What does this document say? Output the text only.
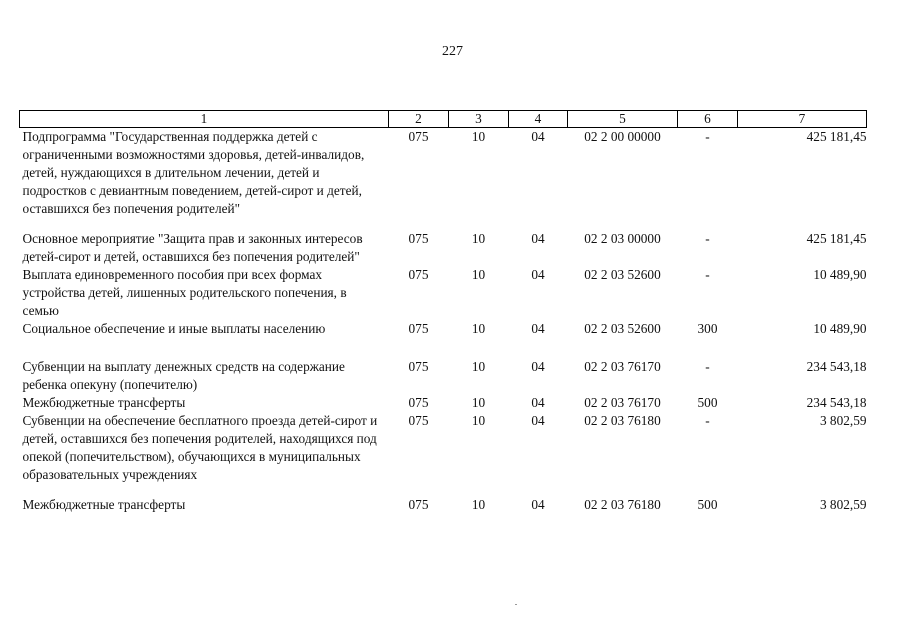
227
1	2	3	4	5	6	7
Подпрограмма "Государственная поддержка детей с ограниченными возможностями здоровья, детей-инвалидов, детей, нуждающихся в длительном лечении, детей и подростков с девиантным поведением, детей-сирот и детей, оставшихся без попечения родителей"	075	10	04	02 2 00 00000	-	425 181,45
Основное мероприятие "Защита прав и законных интересов детей-сирот и детей, оставшихся без попечения родителей"	075	10	04	02 2 03 00000	-	425 181,45
Выплата единовременного пособия при всех формах устройства детей, лишенных родительского попечения, в семью	075	10	04	02 2 03 52600	-	10 489,90
Социальное обеспечение и иные выплаты населению	075	10	04	02 2 03 52600	300	10 489,90
Субвенции на выплату денежных средств на содержание ребенка опекуну (попечителю)	075	10	04	02 2 03 76170	-	234 543,18
Межбюджетные трансферты	075	10	04	02 2 03 76170	500	234 543,18
Субвенции на обеспечение бесплатного проезда детей-сирот и детей, оставшихся без попечения родителей, находящихся под опекой (попечительством), обучающихся в муниципальных образовательных учреждениях	075	10	04	02 2 03 76180	-	3 802,59
Межбюджетные трансферты	075	10	04	02 2 03 76180	500	3 802,59
